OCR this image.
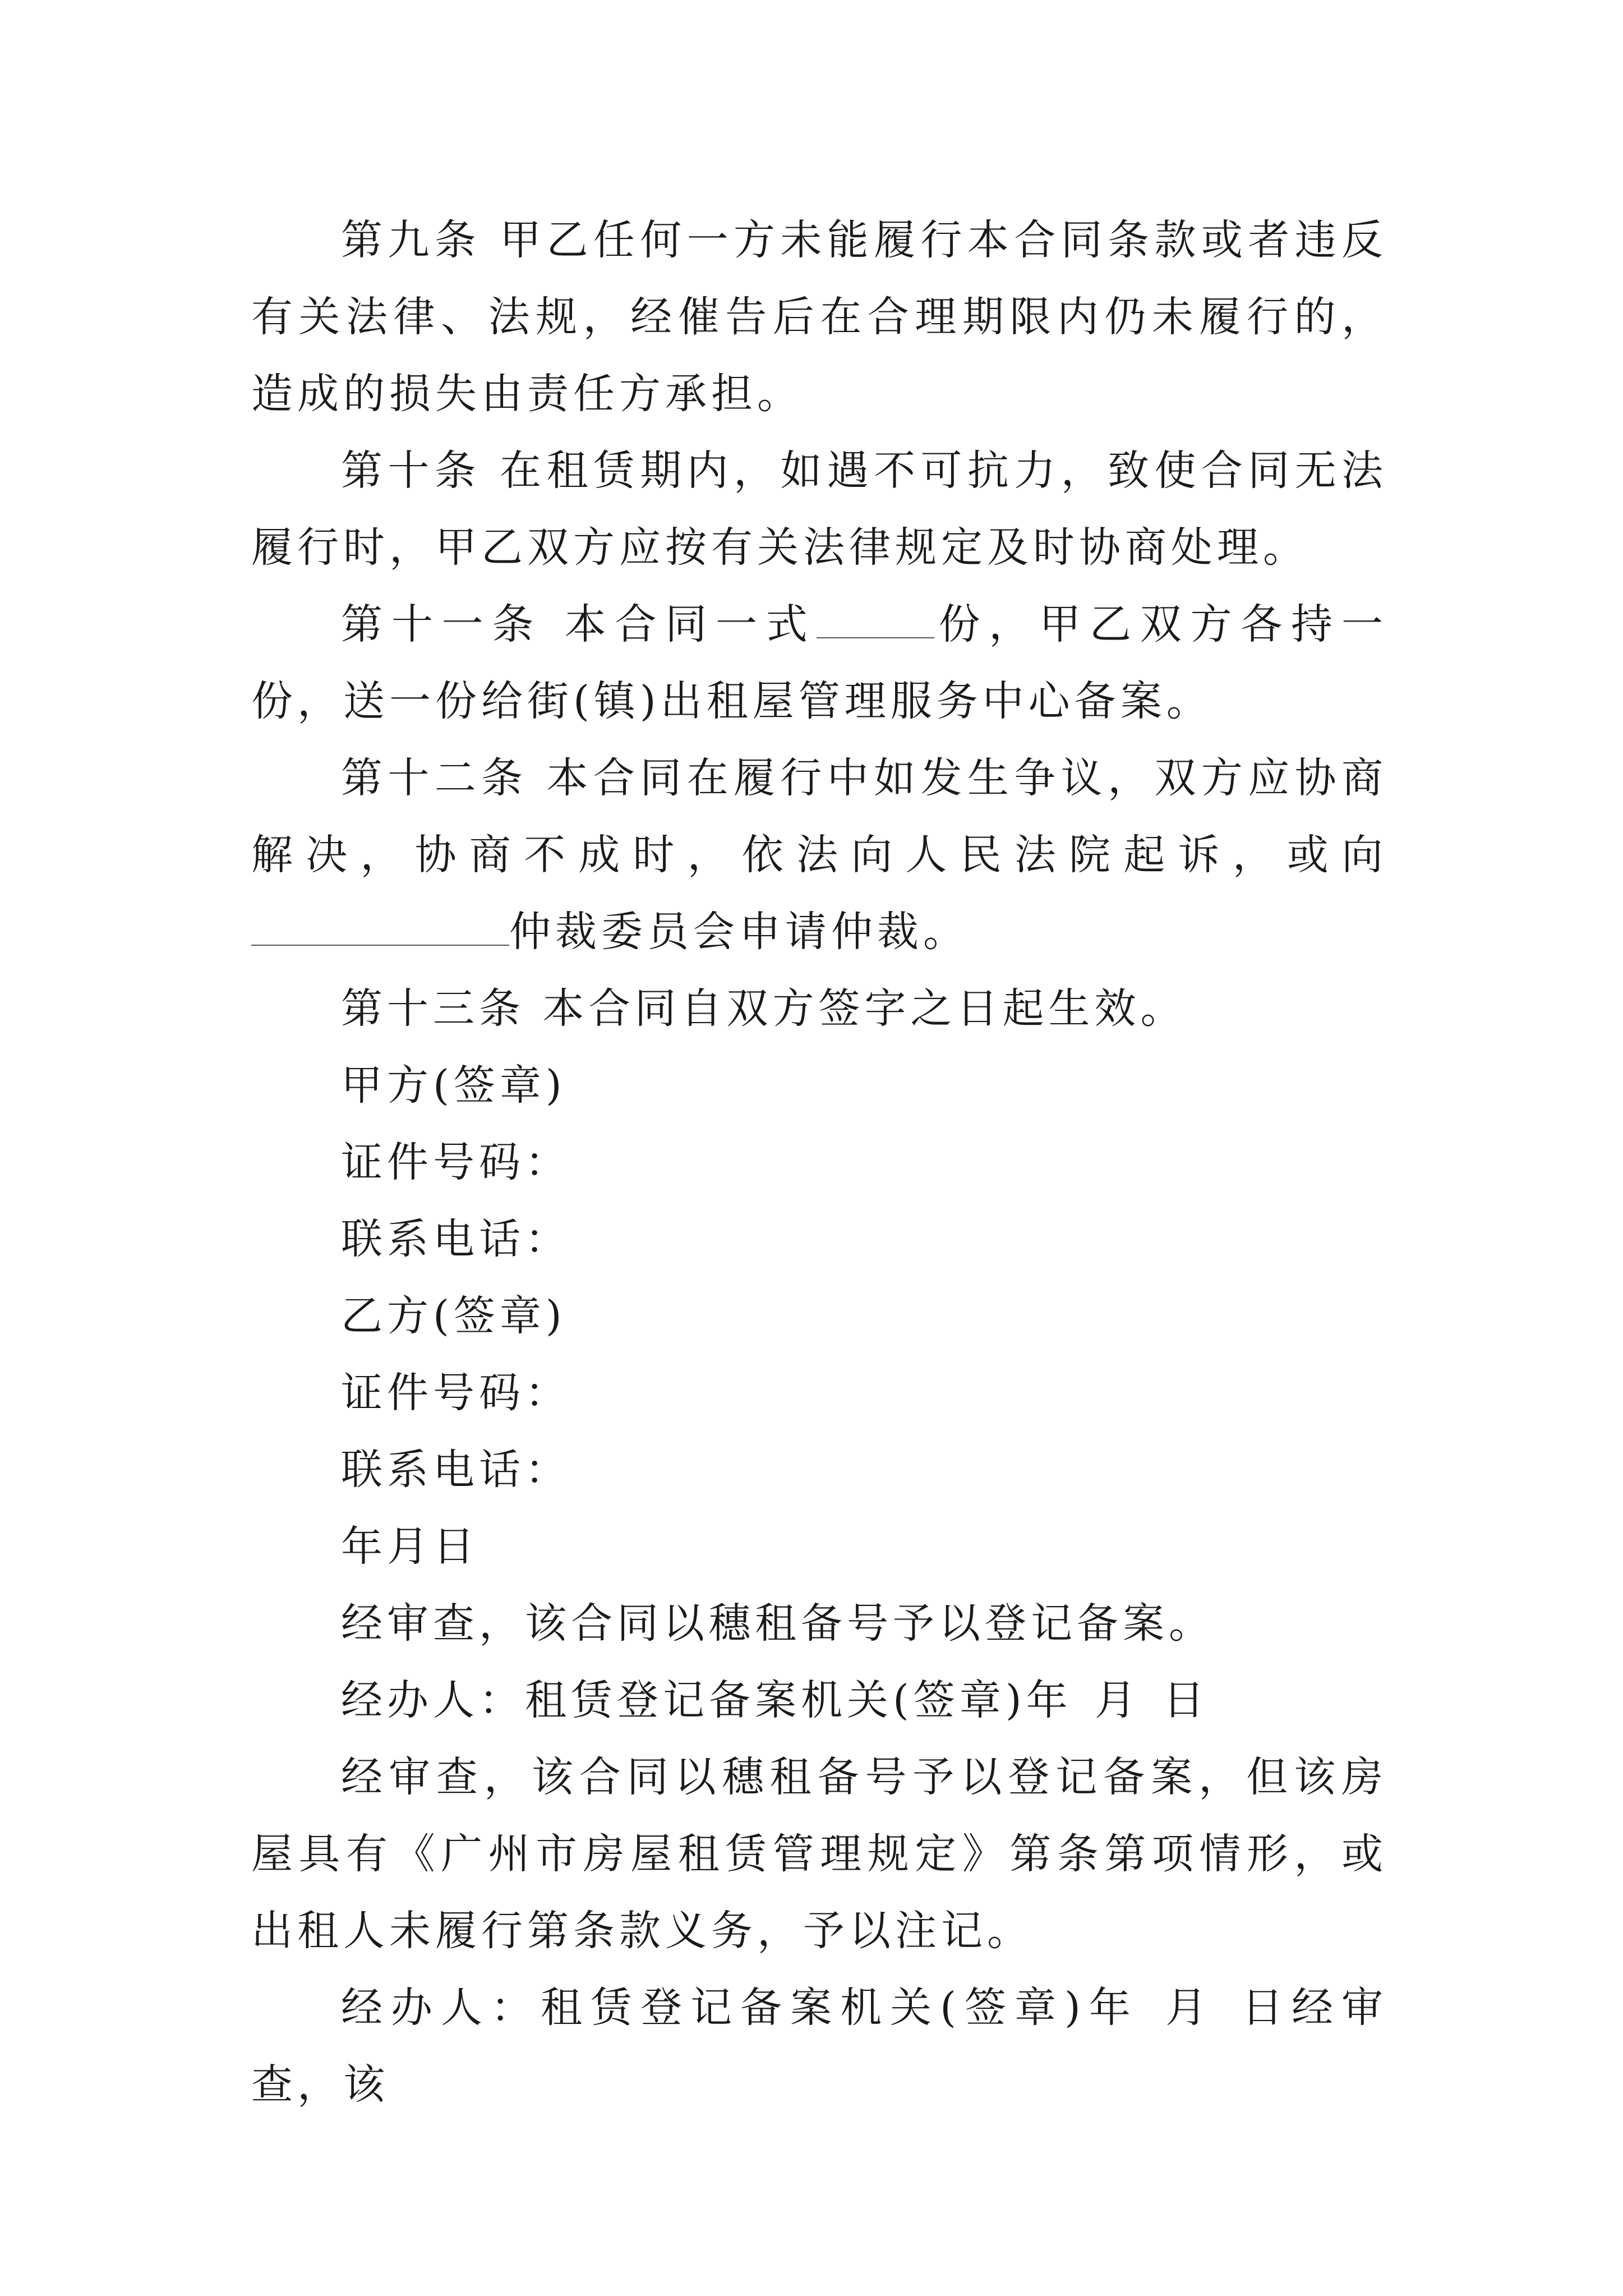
第九条 甲乙任何一方未能履行本合同条款或者违反有关法律、法规，经催告后在合理期限内仍未履行的，造成的损失由责任方承担。

第十条 在租赁期内，如遇不可抗力，致使合同无法履行时，甲乙双方应按有关法律规定及时协商处理。

第十一条 本合同一式	份，甲乙双方各持一份，送一份给街(镇)出租屋管理服务中心备案。

第十二条 本合同在履行中如发生争议，双方应协商解决，协商不成时，依法向人民法院起诉，或向仲裁委员会申请仲裁。

第十三条 本合同自双方签字之日起生效。

甲方(签章)

证件号码：

联系电话：

乙方(签章)

证件号码：

联系电话：

年月日

经审查，该合同以穗租备号予以登记备案。

经办人：租赁登记备案机关(签章)年 月 日

经审查，该合同以穗租备号予以登记备案，但该房屋具有《广州市房屋租赁管理规定》第条第项情形，或出租人未履行第条款义务，予以注记。

经办人：租赁登记备案机关(签章)年 月 日经审查，该
